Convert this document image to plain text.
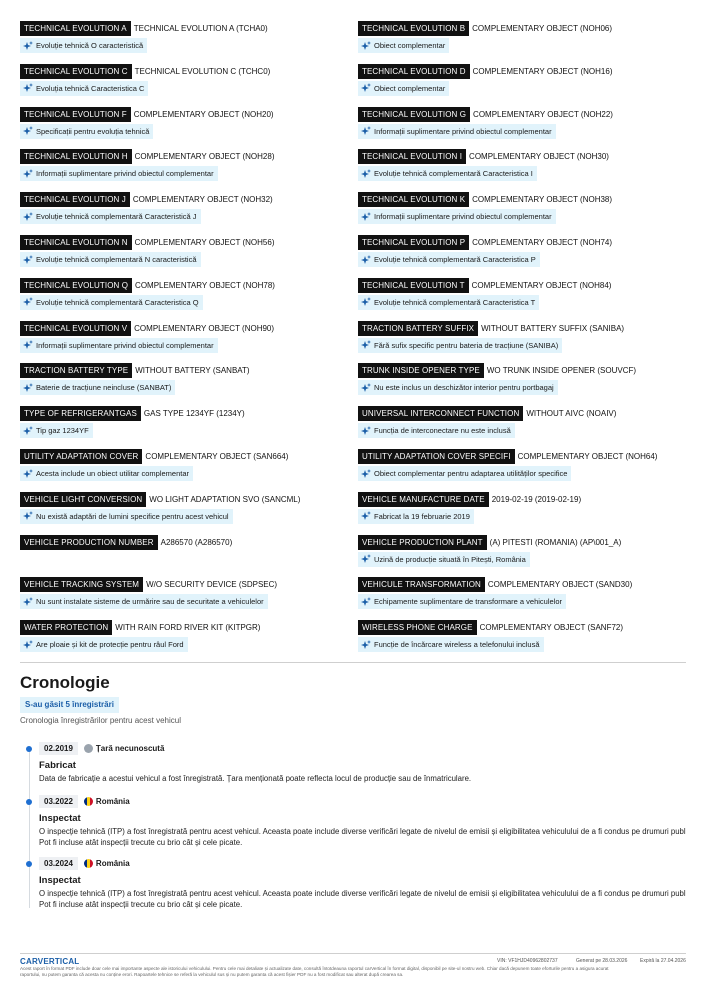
TECHNICAL EVOLUTION A TECHNICAL EVOLUTION A (TCHA0)
Evoluție tehnică O caracteristică
TECHNICAL EVOLUTION B COMPLEMENTARY OBJECT (NOH06)
Obiect complementar
TECHNICAL EVOLUTION C TECHNICAL EVOLUTION C (TCHC0)
Evoluția tehnică Caracteristica C
TECHNICAL EVOLUTION D COMPLEMENTARY OBJECT (NOH16)
Obiect complementar
TECHNICAL EVOLUTION F COMPLEMENTARY OBJECT (NOH20)
Specificații pentru evoluția tehnică
TECHNICAL EVOLUTION G COMPLEMENTARY OBJECT (NOH22)
Informații suplimentare privind obiectul complementar
TECHNICAL EVOLUTION H COMPLEMENTARY OBJECT (NOH28)
Informații suplimentare privind obiectul complementar
TECHNICAL EVOLUTION I COMPLEMENTARY OBJECT (NOH30)
Evoluție tehnică complementară Caracteristica I
TECHNICAL EVOLUTION J COMPLEMENTARY OBJECT (NOH32)
Evoluție tehnică complementară Caracteristică J
TECHNICAL EVOLUTION K COMPLEMENTARY OBJECT (NOH38)
Informații suplimentare privind obiectul complementar
TECHNICAL EVOLUTION N COMPLEMENTARY OBJECT (NOH56)
Evoluție tehnică complementară N caracteristică
TECHNICAL EVOLUTION P COMPLEMENTARY OBJECT (NOH74)
Evoluție tehnică complementară Caracteristica P
TECHNICAL EVOLUTION Q COMPLEMENTARY OBJECT (NOH78)
Evoluție tehnică complementară Caracteristica Q
TECHNICAL EVOLUTION T COMPLEMENTARY OBJECT (NOH84)
Evoluție tehnică complementară Caracteristica T
TECHNICAL EVOLUTION V COMPLEMENTARY OBJECT (NOH90)
Informații suplimentare privind obiectul complementar
TRACTION BATTERY SUFFIX WITHOUT BATTERY SUFFIX (SANIBA)
Fără sufix specific pentru bateria de tracțiune (SANIBA)
TRACTION BATTERY TYPE WITHOUT BATTERY (SANBAT)
Baterie de tracțiune neincluse (SANBAT)
TRUNK INSIDE OPENER TYPE WO TRUNK INSIDE OPENER (SOUVCF)
Nu este inclus un deschizător interior pentru portbagaj
TYPE OF REFRIGERANTGAS GAS TYPE 1234YF (1234Y)
Tip gaz 1234YF
UNIVERSAL INTERCONNECT FUNCTION WITHOUT AIVC (NOAIV)
Funcția de interconectare nu este inclusă
UTILITY ADAPTATION COVER COMPLEMENTARY OBJECT (SAN664)
Acesta include un obiect utilitar complementar
UTILITY ADAPTATION COVER SPECIFI COMPLEMENTARY OBJECT (NOH64)
Obiect complementar pentru adaptarea utilităților specifice
VEHICLE LIGHT CONVERSION WO LIGHT ADAPTATION SVO (SANCML)
Nu există adaptări de lumini specifice pentru acest vehicul
VEHICLE MANUFACTURE DATE 2019-02-19 (2019-02-19)
Fabricat la 19 februarie 2019
VEHICLE PRODUCTION NUMBER A286570 (A286570)	VEHICLE PRODUCTION PLANT (A) PITESTI (ROMANIA) (AP\001_A)
Uzină de producție situată în Pitești, România
VEHICLE TRACKING SYSTEM W/O SECURITY DEVICE (SDPSEC)
Nu sunt instalate sisteme de urmărire sau de securitate a vehiculelor
VEHICULE TRANSFORMATION COMPLEMENTARY OBJECT (SAND30)
Echipamente suplimentare de transformare a vehiculelor
WATER PROTECTION WITH RAIN FORD RIVER KIT (KITPGR)
Are ploaie și kit de protecție pentru râul Ford
WIRELESS PHONE CHARGE COMPLEMENTARY OBJECT (SANF72)
Funcție de încărcare wireless a telefonului inclusă
Cronologie
S-au găsit 5 înregistrări
Cronologia înregistrărilor pentru acest vehicul
02.2019	Țară necunoscută
Fabricat
Data de fabricație a acestui vehicul a fost înregistrată. Țara menționată poate reflecta locul de producție sau de înmatriculare.
03.2022	România
Inspectat
O inspecție tehnică (ITP) a fost înregistrată pentru acest vehicul. Aceasta poate include diverse verificări legate de nivelul de emisii și eligibilitatea vehiculului de a fi condus pe drumuri publ
Pot fi incluse atât inspecții trecute cu brio cât și cele picate.
03.2024	România
Inspectat
O inspecție tehnică (ITP) a fost înregistrată pentru acest vehicul. Aceasta poate include diverse verificări legate de nivelul de emisii și eligibilitatea vehiculului de a fi condus pe drumuri publ
Pot fi incluse atât inspecții trecute cu brio cât și cele picate.
CARVERTICAL	VIN: VF1HJD40962802737	Generat pe 28.03.2026	Expiră la 27.04.2026
Acest raport în format PDF include doar cele mai importante aspecte ale istoricului vehiculului. Pentru cele mai detaliate și actualizate date, consultă întotdeauna raportul carVertical în format digital, disponibil pe site-ul nostru web. Chiar dacă depunem toate eforturile pentru a asigura acurat
raportului, nu putem garanta că acesta nu conține erori. Rapoartele tehnice se referă la vehiculul sus și nu putem garanta că acest fișier PDF nu a fost modificat sau alterat după crearea sa.
